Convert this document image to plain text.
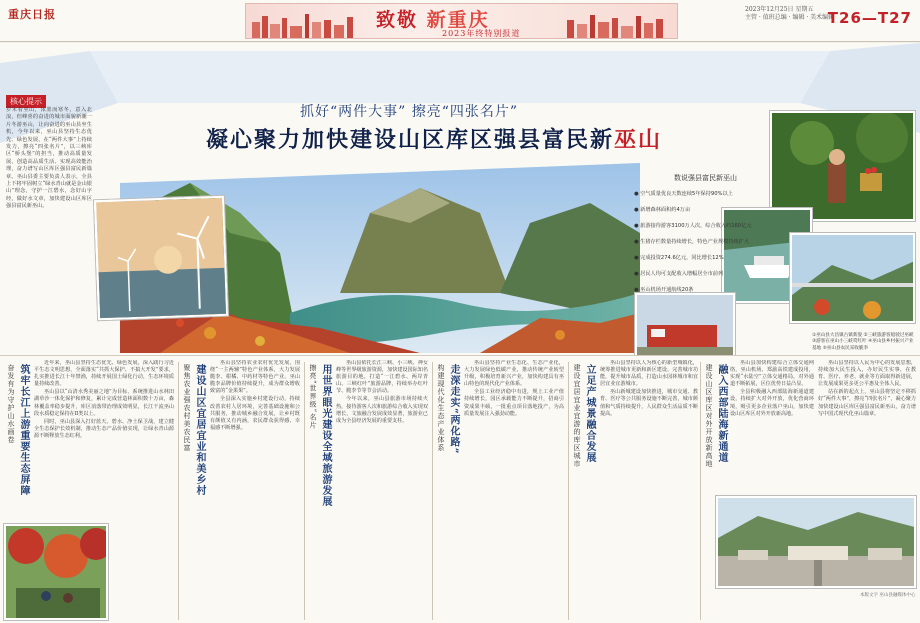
重庆日报	致敬 新重庆
2023年终特别报道
2023年12月25日 星期五
主管 · 值班总编 · 编辑 · 美术编辑
T26—T27
抓好“两件大事” 擦亮“四张名片”
凝心聚力加快建设山区库区强县富民新巫山
核心提示
岁末看巫山，浓墨而寒冬，意入北浪，但峰喜的奋进的城市面貌新潮一片冬游巫山，让向奋进的巫山县坐生机，今年以来，巫山县坚持生态优先、绿色发展，在“两件大事”上持续发力，擦亮“四张名片”，以三峡库区“桥头堡”的担当，推动高质量发展、创造高品质生活、实现高效能治理，奋力谱写山区库区强县富民新篇章。巫山县委主要负责人表示，全县上下将牢固树立“绿水青山就是金山银山”理念，守护一江碧水，念好山字经，做好水文章，加快建设山区库区强县富民新巫山。
数说强县富民新巫山
● 空气质量优良天数连续5年保持90%以上
● 新增森林面积约4万亩
● 旅游接待游客3100万人次，综合收入约160亿元
● 生猪存栏数量持续增长，特色产业规模持续扩大
● 完成投资274.6亿元，同比增长12%
● 居民人均可支配收入增幅居全市前列
● 巫山机场开通航线20条
①巫山县大昌镇古镇新貌 ②三峡旅游客船驶过巫峡 ③游客在巫山小三峡赏红叶 ④巫山县乡村振兴产业基地 ⑤巫山县农民采收脆李
奋发有为守护山水画卷 筑牢长江上游重要生态屏障

近年来，巫山县坚持生态优先、绿色发展，深入践行习近平生态文明思想，全面落实“共抓大保护、不搞大开发”要求，扎实推进长江十年禁渔，持续开展国土绿化行动，生态环境质量持续改善。

巫山县以“山清水秀美丽之地”为目标，系统推进山水林田湖草沙一体化保护和修复，累计完成营造林面积数十万亩，森林覆盖率稳步提升，库区消落带治理成效明显，长江干流巫山段水质稳定保持在Ⅱ类以上。

同时，巫山县深入打好蓝天、碧水、净土保卫战，建立健全生态保护长效机制，推动生态产品价值实现，让绿水青山源源不断释放生态红利。	聚焦农业强农村美农民富 建设山区宜居宜业和美乡村

巫山县坚持农业农村优先发展，围绕“一主两辅”特色产业体系，大力发展脆李、柑橘、中药材等特色产业，巫山脆李品牌价值持续提升，成为群众增收致富的“金果果”。

全县深入实施乡村建设行动，持续改善农村人居环境，完善基础设施和公共服务，推动城乡融合发展，让乡村既有颜值又有内涵，农民群众获得感、幸福感不断增强。	擦亮“世界级”名片 用世界眼光建设全域旅游发展

巫山县依托长江三峡、小三峡、神女峰等世界级旅游资源，加快建设国际知名旅游目的地，打造“一江碧水、两岸青山、三峡红叶”旅游品牌，持续举办红叶节、脆李节等节会活动。

今年以来，巫山县旅游市场持续火热，接待游客人次和旅游综合收入实现双增长，文旅融合发展成效显著，旅游业已成为全县经济发展的重要支柱。	构建现代化生态产业体系 走深走实“两化路”

巫山县坚持产业生态化、生态产业化，大力发展绿色低碳产业，推动传统产业转型升级，积极培育新兴产业，加快构建具有巫山特色的现代化产业体系。

全县工业经济稳中有进，规上工业产值持续增长，园区承载能力不断提升，招商引资成果丰硕，一批重点项目落地投产，为高质量发展注入强劲动能。	建设宜居宜业宜游的库区城市 立足产城景融合发展

巫山县坚持以人为核心的新型城镇化，统筹推进城市更新和新区建设，完善城市功能，提升城市品质，打造山水园林城市和宜居宜业宜游城市。

巫山新城建设加快推进，城市交通、教育、医疗等公共服务设施不断完善，城市颜值和气质持续提升，人民群众生活品质不断提高。	建设山区库区对外开放新高地 融入西部陆海新通道

巫山县加快构建综合立体交通网络，巫山机场、郑渝高铁建成投用，实现“水陆空”立体交通格局，对外通道不断拓展，区位优势日益凸显。

全县积极融入西部陆海新通道建设，持续扩大对外开放，优化营商环境，吸引更多企业落户巫山，加快建设山区库区对外开放新高地。

巫山县坚持以人民为中心的发展思想，持续加大民生投入，办好民生实事，在教育、医疗、养老、就业等方面取得新进展，让发展成果更多更公平惠及全体人民。

站在新的起点上，巫山县将坚定不移抓好“两件大事”，擦亮“四张名片”，凝心聚力加快建设山区库区强县富民新巫山，奋力谱写中国式现代化巫山篇章。

本版文字 巫山县融媒体中心
